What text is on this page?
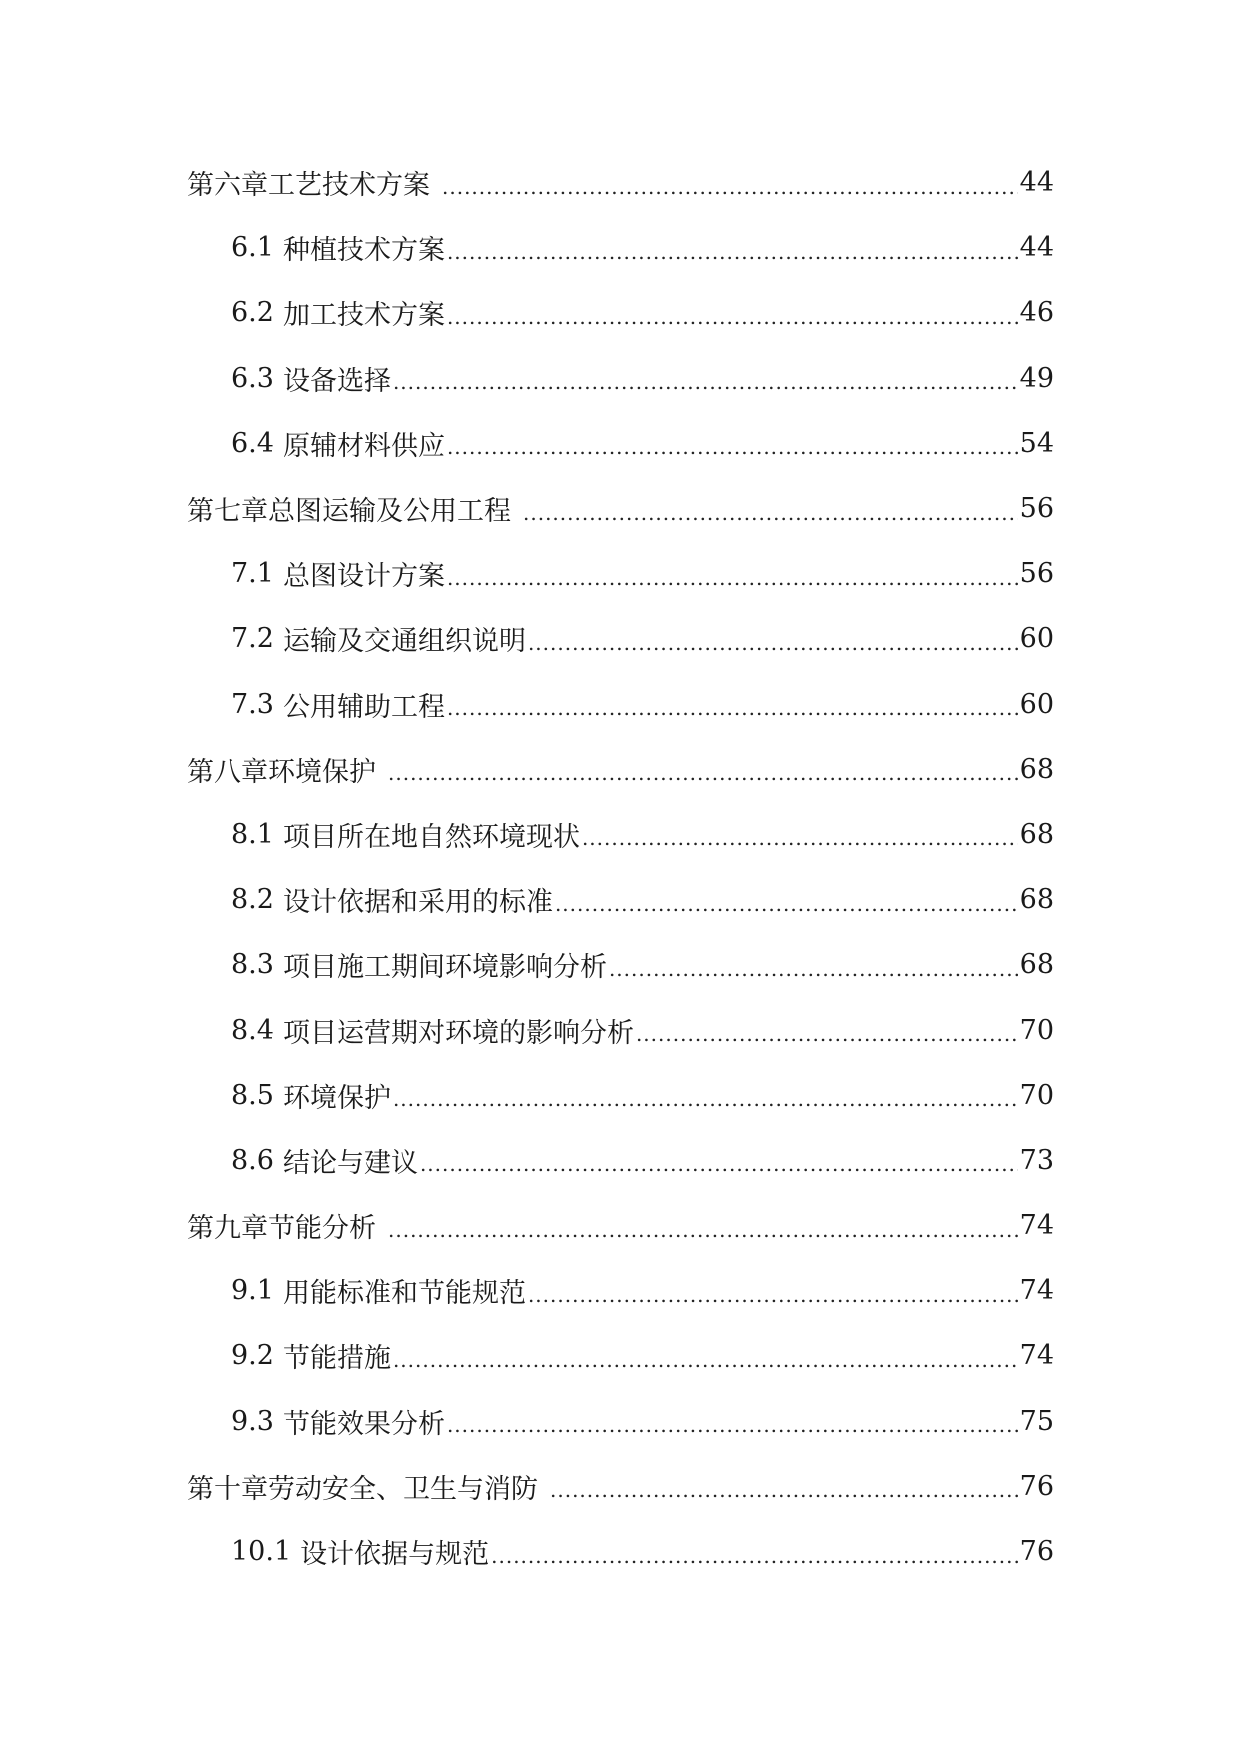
第六章 工艺技术方案 .....	44
6.1 种植技术方案 .....	44
6.2 加工技术方案 .....	46
6.3 设备选择 .....	49
6.4 原辅材料供应 .....	54
第七章 总图运输及公用工程 .....	56
7.1 总图设计方案 .....	56
7.2 运输及交通组织说明 .....	60
7.3 公用辅助工程 .....	60
第八章 环境保护 .....	68
8.1 项目所在地自然环境现状 .....	68
8.2 设计依据和采用的标准 .....	68
8.3 项目施工期间环境影响分析 .....	68
8.4 项目运营期对环境的影响分析 .....	70
8.5 环境保护 .....	70
8.6 结论与建议 .....	73
第九章 节能分析 .....	74
9.1 用能标准和节能规范 .....	74
9.2 节能措施 .....	74
9.3 节能效果分析 .....	75
第十章 劳动安全、卫生与消防 .....	76
10.1 设计依据与规范 .....	76
